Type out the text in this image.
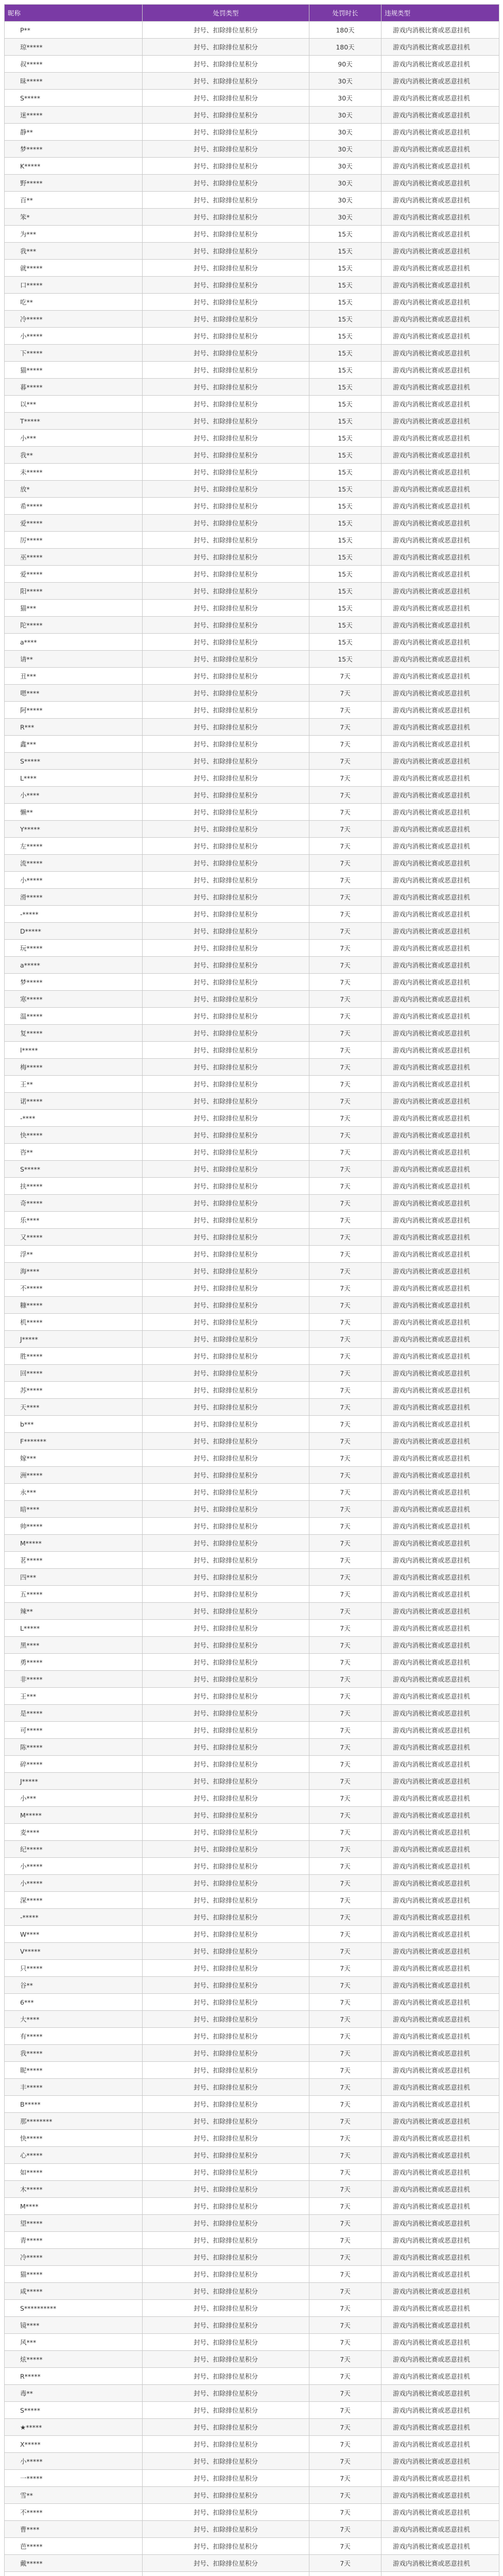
昵称	处罚类型	处罚时长	违规类型
P**	封号、扣除排位星积分	180天	游戏内消极比赛或恶意挂机
琼*****	封号、扣除排位星积分	180天	游戏内消极比赛或恶意挂机
叔*****	封号、扣除排位星积分	90天	游戏内消极比赛或恶意挂机
昧*****	封号、扣除排位星积分	30天	游戏内消极比赛或恶意挂机
S*****	封号、扣除排位星积分	30天	游戏内消极比赛或恶意挂机
迷*****	封号、扣除排位星积分	30天	游戏内消极比赛或恶意挂机
静**	封号、扣除排位星积分	30天	游戏内消极比赛或恶意挂机
梦*****	封号、扣除排位星积分	30天	游戏内消极比赛或恶意挂机
K*****	封号、扣除排位星积分	30天	游戏内消极比赛或恶意挂机
野*****	封号、扣除排位星积分	30天	游戏内消极比赛或恶意挂机
百**	封号、扣除排位星积分	30天	游戏内消极比赛或恶意挂机
笨*	封号、扣除排位星积分	30天	游戏内消极比赛或恶意挂机
为***	封号、扣除排位星积分	15天	游戏内消极比赛或恶意挂机
我***	封号、扣除排位星积分	15天	游戏内消极比赛或恶意挂机
就*****	封号、扣除排位星积分	15天	游戏内消极比赛或恶意挂机
口*****	封号、扣除排位星积分	15天	游戏内消极比赛或恶意挂机
吃**	封号、扣除排位星积分	15天	游戏内消极比赛或恶意挂机
冷*****	封号、扣除排位星积分	15天	游戏内消极比赛或恶意挂机
小*****	封号、扣除排位星积分	15天	游戏内消极比赛或恶意挂机
下*****	封号、扣除排位星积分	15天	游戏内消极比赛或恶意挂机
猫*****	封号、扣除排位星积分	15天	游戏内消极比赛或恶意挂机
暮*****	封号、扣除排位星积分	15天	游戏内消极比赛或恶意挂机
以***	封号、扣除排位星积分	15天	游戏内消极比赛或恶意挂机
T*****	封号、扣除排位星积分	15天	游戏内消极比赛或恶意挂机
小***	封号、扣除排位星积分	15天	游戏内消极比赛或恶意挂机
我**	封号、扣除排位星积分	15天	游戏内消极比赛或恶意挂机
未*****	封号、扣除排位星积分	15天	游戏内消极比赛或恶意挂机
放*	封号、扣除排位星积分	15天	游戏内消极比赛或恶意挂机
希*****	封号、扣除排位星积分	15天	游戏内消极比赛或恶意挂机
爱*****	封号、扣除排位星积分	15天	游戏内消极比赛或恶意挂机
厉*****	封号、扣除排位星积分	15天	游戏内消极比赛或恶意挂机
巫*****	封号、扣除排位星积分	15天	游戏内消极比赛或恶意挂机
爱*****	封号、扣除排位星积分	15天	游戏内消极比赛或恶意挂机
阳*****	封号、扣除排位星积分	15天	游戏内消极比赛或恶意挂机
猫***	封号、扣除排位星积分	15天	游戏内消极比赛或恶意挂机
陀*****	封号、扣除排位星积分	15天	游戏内消极比赛或恶意挂机
a****	封号、扣除排位星积分	15天	游戏内消极比赛或恶意挂机
请**	封号、扣除排位星积分	15天	游戏内消极比赛或恶意挂机
丑***	封号、扣除排位星积分	7天	游戏内消极比赛或恶意挂机
嗯****	封号、扣除排位星积分	7天	游戏内消极比赛或恶意挂机
阿*****	封号、扣除排位星积分	7天	游戏内消极比赛或恶意挂机
R***	封号、扣除排位星积分	7天	游戏内消极比赛或恶意挂机
鑫***	封号、扣除排位星积分	7天	游戏内消极比赛或恶意挂机
S*****	封号、扣除排位星积分	7天	游戏内消极比赛或恶意挂机
L****	封号、扣除排位星积分	7天	游戏内消极比赛或恶意挂机
小****	封号、扣除排位星积分	7天	游戏内消极比赛或恶意挂机
懒**	封号、扣除排位星积分	7天	游戏内消极比赛或恶意挂机
Y*****	封号、扣除排位星积分	7天	游戏内消极比赛或恶意挂机
左*****	封号、扣除排位星积分	7天	游戏内消极比赛或恶意挂机
流*****	封号、扣除排位星积分	7天	游戏内消极比赛或恶意挂机
小*****	封号、扣除排位星积分	7天	游戏内消极比赛或恶意挂机
滑*****	封号、扣除排位星积分	7天	游戏内消极比赛或恶意挂机
-*****	封号、扣除排位星积分	7天	游戏内消极比赛或恶意挂机
D*****	封号、扣除排位星积分	7天	游戏内消极比赛或恶意挂机
玩*****	封号、扣除排位星积分	7天	游戏内消极比赛或恶意挂机
a*****	封号、扣除排位星积分	7天	游戏内消极比赛或恶意挂机
梦*****	封号、扣除排位星积分	7天	游戏内消极比赛或恶意挂机
寒*****	封号、扣除排位星积分	7天	游戏内消极比赛或恶意挂机
温*****	封号、扣除排位星积分	7天	游戏内消极比赛或恶意挂机
复*****	封号、扣除排位星积分	7天	游戏内消极比赛或恶意挂机
l*****	封号、扣除排位星积分	7天	游戏内消极比赛或恶意挂机
梅*****	封号、扣除排位星积分	7天	游戏内消极比赛或恶意挂机
王**	封号、扣除排位星积分	7天	游戏内消极比赛或恶意挂机
诺*****	封号、扣除排位星积分	7天	游戏内消极比赛或恶意挂机
-****	封号、扣除排位星积分	7天	游戏内消极比赛或恶意挂机
快*****	封号、扣除排位星积分	7天	游戏内消极比赛或恶意挂机
咨**	封号、扣除排位星积分	7天	游戏内消极比赛或恶意挂机
S*****	封号、扣除排位星积分	7天	游戏内消极比赛或恶意挂机
扶*****	封号、扣除排位星积分	7天	游戏内消极比赛或恶意挂机
奇*****	封号、扣除排位星积分	7天	游戏内消极比赛或恶意挂机
乐****	封号、扣除排位星积分	7天	游戏内消极比赛或恶意挂机
又*****	封号、扣除排位星积分	7天	游戏内消极比赛或恶意挂机
浮**	封号、扣除排位星积分	7天	游戏内消极比赛或恶意挂机
海****	封号、扣除排位星积分	7天	游戏内消极比赛或恶意挂机
不*****	封号、扣除排位星积分	7天	游戏内消极比赛或恶意挂机
糠*****	封号、扣除排位星积分	7天	游戏内消极比赛或恶意挂机
机*****	封号、扣除排位星积分	7天	游戏内消极比赛或恶意挂机
J*****	封号、扣除排位星积分	7天	游戏内消极比赛或恶意挂机
胜*****	封号、扣除排位星积分	7天	游戏内消极比赛或恶意挂机
回*****	封号、扣除排位星积分	7天	游戏内消极比赛或恶意挂机
苏*****	封号、扣除排位星积分	7天	游戏内消极比赛或恶意挂机
天****	封号、扣除排位星积分	7天	游戏内消极比赛或恶意挂机
b***	封号、扣除排位星积分	7天	游戏内消极比赛或恶意挂机
F*******	封号、扣除排位星积分	7天	游戏内消极比赛或恶意挂机
嫁***	封号、扣除排位星积分	7天	游戏内消极比赛或恶意挂机
洲*****	封号、扣除排位星积分	7天	游戏内消极比赛或恶意挂机
永***	封号、扣除排位星积分	7天	游戏内消极比赛或恶意挂机
暗****	封号、扣除排位星积分	7天	游戏内消极比赛或恶意挂机
帅*****	封号、扣除排位星积分	7天	游戏内消极比赛或恶意挂机
M*****	封号、扣除排位星积分	7天	游戏内消极比赛或恶意挂机
茗*****	封号、扣除排位星积分	7天	游戏内消极比赛或恶意挂机
四***	封号、扣除排位星积分	7天	游戏内消极比赛或恶意挂机
五*****	封号、扣除排位星积分	7天	游戏内消极比赛或恶意挂机
辣**	封号、扣除排位星积分	7天	游戏内消极比赛或恶意挂机
L*****	封号、扣除排位星积分	7天	游戏内消极比赛或恶意挂机
黑****	封号、扣除排位星积分	7天	游戏内消极比赛或恶意挂机
勇*****	封号、扣除排位星积分	7天	游戏内消极比赛或恶意挂机
非*****	封号、扣除排位星积分	7天	游戏内消极比赛或恶意挂机
王***	封号、扣除排位星积分	7天	游戏内消极比赛或恶意挂机
是*****	封号、扣除排位星积分	7天	游戏内消极比赛或恶意挂机
可*****	封号、扣除排位星积分	7天	游戏内消极比赛或恶意挂机
陈*****	封号、扣除排位星积分	7天	游戏内消极比赛或恶意挂机
碎*****	封号、扣除排位星积分	7天	游戏内消极比赛或恶意挂机
J*****	封号、扣除排位星积分	7天	游戏内消极比赛或恶意挂机
小***	封号、扣除排位星积分	7天	游戏内消极比赛或恶意挂机
M*****	封号、扣除排位星积分	7天	游戏内消极比赛或恶意挂机
麦****	封号、扣除排位星积分	7天	游戏内消极比赛或恶意挂机
纪*****	封号、扣除排位星积分	7天	游戏内消极比赛或恶意挂机
小*****	封号、扣除排位星积分	7天	游戏内消极比赛或恶意挂机
小*****	封号、扣除排位星积分	7天	游戏内消极比赛或恶意挂机
深*****	封号、扣除排位星积分	7天	游戏内消极比赛或恶意挂机
-*****	封号、扣除排位星积分	7天	游戏内消极比赛或恶意挂机
W****	封号、扣除排位星积分	7天	游戏内消极比赛或恶意挂机
V*****	封号、扣除排位星积分	7天	游戏内消极比赛或恶意挂机
只*****	封号、扣除排位星积分	7天	游戏内消极比赛或恶意挂机
谷**	封号、扣除排位星积分	7天	游戏内消极比赛或恶意挂机
6***	封号、扣除排位星积分	7天	游戏内消极比赛或恶意挂机
大****	封号、扣除排位星积分	7天	游戏内消极比赛或恶意挂机
有*****	封号、扣除排位星积分	7天	游戏内消极比赛或恶意挂机
我*****	封号、扣除排位星积分	7天	游戏内消极比赛或恶意挂机
昵*****	封号、扣除排位星积分	7天	游戏内消极比赛或恶意挂机
丰*****	封号、扣除排位星积分	7天	游戏内消极比赛或恶意挂机
B*****	封号、扣除排位星积分	7天	游戏内消极比赛或恶意挂机
那********	封号、扣除排位星积分	7天	游戏内消极比赛或恶意挂机
快*****	封号、扣除排位星积分	7天	游戏内消极比赛或恶意挂机
心*****	封号、扣除排位星积分	7天	游戏内消极比赛或恶意挂机
如*****	封号、扣除排位星积分	7天	游戏内消极比赛或恶意挂机
木*****	封号、扣除排位星积分	7天	游戏内消极比赛或恶意挂机
M****	封号、扣除排位星积分	7天	游戏内消极比赛或恶意挂机
望*****	封号、扣除排位星积分	7天	游戏内消极比赛或恶意挂机
青*****	封号、扣除排位星积分	7天	游戏内消极比赛或恶意挂机
冷*****	封号、扣除排位星积分	7天	游戏内消极比赛或恶意挂机
猫*****	封号、扣除排位星积分	7天	游戏内消极比赛或恶意挂机
咸*****	封号、扣除排位星积分	7天	游戏内消极比赛或恶意挂机
S**********	封号、扣除排位星积分	7天	游戏内消极比赛或恶意挂机
镜****	封号、扣除排位星积分	7天	游戏内消极比赛或恶意挂机
风***	封号、扣除排位星积分	7天	游戏内消极比赛或恶意挂机
炫*****	封号、扣除排位星积分	7天	游戏内消极比赛或恶意挂机
R*****	封号、扣除排位星积分	7天	游戏内消极比赛或恶意挂机
毒**	封号、扣除排位星积分	7天	游戏内消极比赛或恶意挂机
S*****	封号、扣除排位星积分	7天	游戏内消极比赛或恶意挂机
★*****	封号、扣除排位星积分	7天	游戏内消极比赛或恶意挂机
X*****	封号、扣除排位星积分	7天	游戏内消极比赛或恶意挂机
小*****	封号、扣除排位星积分	7天	游戏内消极比赛或恶意挂机
一*****	封号、扣除排位星积分	7天	游戏内消极比赛或恶意挂机
雪**	封号、扣除排位星积分	7天	游戏内消极比赛或恶意挂机
不*****	封号、扣除排位星积分	7天	游戏内消极比赛或恶意挂机
曹****	封号、扣除排位星积分	7天	游戏内消极比赛或恶意挂机
芭*****	封号、扣除排位星积分	7天	游戏内消极比赛或恶意挂机
戴*****	封号、扣除排位星积分	7天	游戏内消极比赛或恶意挂机
